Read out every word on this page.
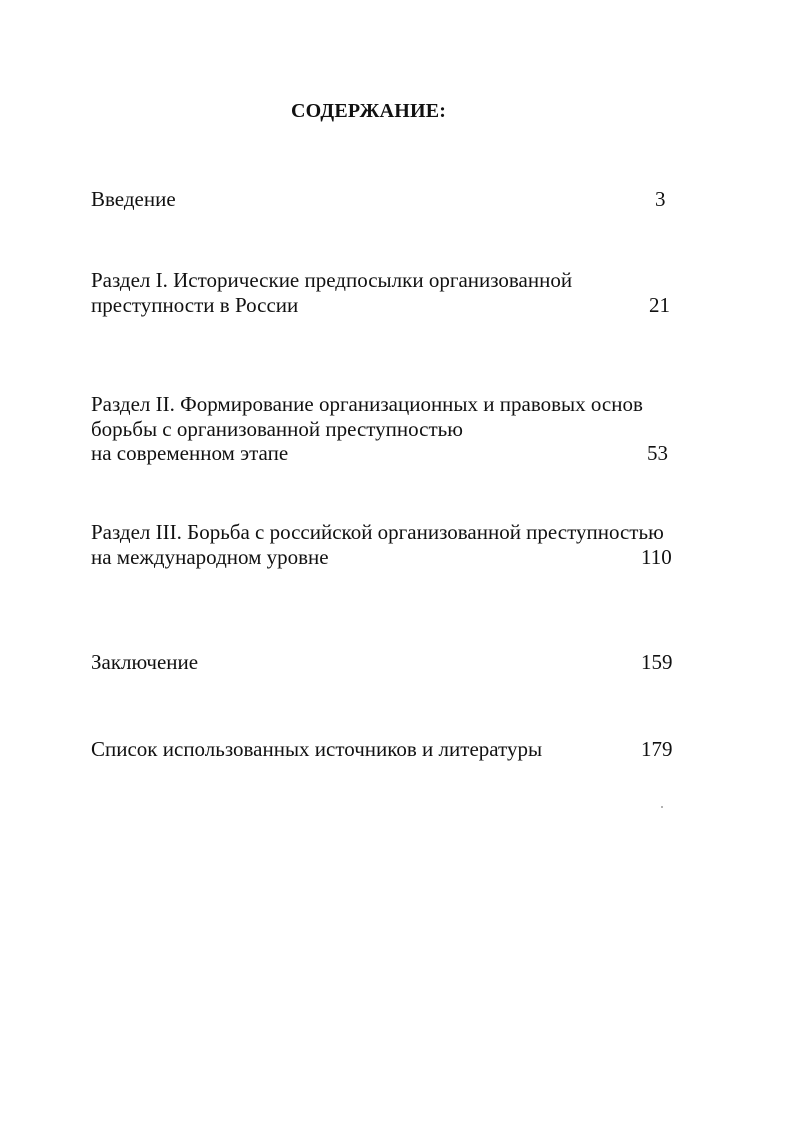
СОДЕРЖАНИЕ:
Введение	3
Раздел I. Исторические предпосылки организованной
преступности в России	21
Раздел II. Формирование организационных и правовых основ
борьбы с организованной преступностью
на современном этапе	53
Раздел III. Борьба с российской организованной преступностью
на международном уровне	110
Заключение	159
Список использованных источников и литературы	179
